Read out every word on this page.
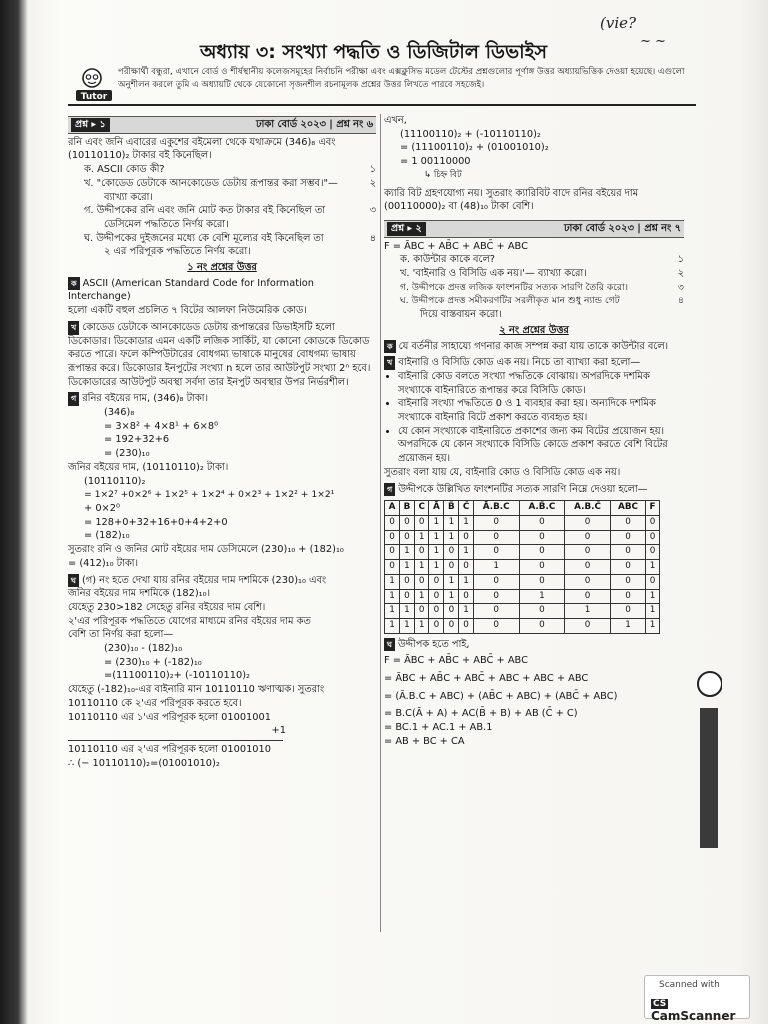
অধ্যায় ৩: সংখ্যা পদ্ধতি ও ডিজিটাল ডিভাইস
(vie?
~ ~
Tutor
পরীক্ষার্থী বন্ধুরা, এখানে বোর্ড ও শীর্ষস্থানীয় কলেজসমূহের নির্বাচনি পরীক্ষা এবং এক্সক্লুসিভ মডেল টেস্টের প্রশ্নগুলোর পূর্ণাঙ্গ উত্তর অধ্যায়ভিত্তিক দেওয়া হয়েছে। এগুলো অনুশীলন করলে তুমি এ অধ্যায়টি থেকে যেকোনো সৃজনশীল রচনামূলক প্রশ্নের উত্তর লিখতে পারবে সহজেই।
প্রশ্ন ▸ ১	ঢাকা বোর্ড ২০২৩ | প্রশ্ন নং ৬

রনি এবং জনি এবারের একুশের বইমেলা থেকে যথাক্রমে (346)₈ এবং

(10110110)₂ টাকার বই কিনেছিল।

ক. ASCII কোড কী?	১
খ. "কোডেড ডেটাকে আনকোডেড ডেটায় রূপান্তর করা সম্ভব।"—	২

ব্যাখ্যা করো।

গ. উদ্দীপকের রনি এবং জনি মোট কত টাকার বই কিনেছিল তা	৩

ডেসিমেল পদ্ধতিতে নির্ণয় করো।

ঘ. উদ্দীপকের দুইজনের মধ্যে কে বেশি মূল্যের বই কিনেছিল তা	৪

২ এর পরিপূরক পদ্ধতিতে নির্ণয় করো।

১ নং প্রশ্নের উত্তর

ক ASCII (American Standard Code for Information Interchange)

হলো একটি বহুল প্রচলিত ৭ বিটের আলফা নিউমেরিক কোড।

খ কোডেড ডেটাকে আনকোডেড ডেটায় রূপান্তরের ডিভাইসটি হলো ডিকোডার। ডিকোডার এমন একটি লজিক সার্কিট, যা কোনো কোডকে ডিকোড করতে পারে। ফলে কম্পিউটারের বোধগম্য ভাষাকে মানুষের বোধগম্য ভাষায় রূপান্তর করে। ডিকোডার ইনপুটের সংখ্যা n হলে তার আউটপুট সংখ্যা 2ⁿ হবে। ডিকোডারের আউটপুট অবস্থা সর্বদা তার ইনপুট অবস্থার উপর নির্ভরশীল।

গ রনির বইয়ের দাম, (346)₈ টাকা।

(346)₈

= 3×8² + 4×8¹ + 6×8⁰

= 192+32+6

= (230)₁₀

জনির বইয়ের দাম, (10110110)₂ টাকা।

(10110110)₂

= 1×2⁷ +0×2⁶ + 1×2⁵ + 1×2⁴ + 0×2³ + 1×2² + 1×2¹

+ 0×2⁰

= 128+0+32+16+0+4+2+0

= (182)₁₀

সুতরাং রনি ও জনির মোট বইয়ের দাম ডেসিমেলে (230)₁₀ + (182)₁₀

= (412)₁₀ টাকা।

ঘ (গ) নং হতে দেখা যায় রনির বইয়ের দাম দশমিকে (230)₁₀ এবং

জনির বইয়ের দাম দশমিকে (182)₁₀।

যেহেতু 230>182 সেহেতু রনির বইয়ের দাম বেশি।

২'এর পরিপূরক পদ্ধতিতে যোগের মাধ্যমে রনির বইয়ের দাম কত

বেশি তা নির্ণয় করা হলো—

(230)₁₀ - (182)₁₀

= (230)₁₀ + (-182)₁₀

=(11100110)₂+ (-10110110)₂

যেহেতু (-182)₁₀-এর বাইনারি মান 10110110 ঋণাত্মক। সুতরাং

10110110 কে ২'এর পরিপূরক করতে হবে।

10110110 এর ১'এর পরিপূরক হলো 01001001

+1

10110110 এর ২'এর পরিপূরক হলো 01001010

∴ (− 10110110)₂=(01001010)₂

এখন,

(11100110)₂ + (-10110110)₂

= (11100110)₂ + (01001010)₂

= 1 00110000

↳ চিহ্ন বিট

ক্যারি বিট গ্রহণযোগ্য নয়। সুতরাং ক্যারিবিট বাদে রনির বইয়ের দাম (00110000)₂ বা (48)₁₀ টাকা বেশি।

প্রশ্ন ▸ ২	ঢাকা বোর্ড ২০২৩ | প্রশ্ন নং ৭

F = ĀBC + AB̄C + ABC̄ + ABC

ক. কাউন্টার কাকে বলে?	১
খ. 'বাইনারি ও বিসিডি এক নয়।'— ব্যাখ্যা করো।	২
গ. উদ্দীপকে প্রদত্ত লজিক ফাংশনটির সত্যক সারণি তৈরি করো।	৩
ঘ. উদ্দীপকে প্রদত্ত সমীকরণটির সরলীকৃত মান শুধু ন্যান্ড গেট	৪

দিয়ে বাস্তবায়ন করো।

২ নং প্রশ্নের উত্তর

ক যে বর্তনীর সাহায্যে গণনার কাজ সম্পন্ন করা যায় তাকে কাউন্টার বলে।

খ বাইনারি ও বিসিডি কোড এক নয়। নিচে তা ব্যাখ্যা করা হলো—

• বাইনারি কোড বলতে সংখ্যা পদ্ধতিকে বোঝায়। অপরদিকে দশমিক সংখ্যাকে বাইনারিতে রূপান্তর করে বিসিডি কোড।
• বাইনারি সংখ্যা পদ্ধতিতে 0 ও 1 ব্যবহার করা হয়। অন্যদিকে দশমিক সংখ্যাকে বাইনারি বিটে প্রকাশ করতে ব্যবহৃত হয়।
• যে কোন সংখ্যাকে বাইনারিতে প্রকাশের জন্য কম বিটের প্রয়োজন হয়। অপরদিকে যে কোন সংখ্যাকে বিসিডি কোডে প্রকাশ করতে বেশি বিটের প্রয়োজন হয়।

সুতরাং বলা যায় যে, বাইনারি কোড ও বিসিডি কোড এক নয়।

গ উদ্দীপকে উল্লিখিত ফাংশনটির সত্যক সারণি নিম্নে দেওয়া হলো—

A	B	C	Ā	B̄	C̄	Ā.B.C	A.B̄.C	A.B.C̄	ABC	F
0	0	0	1	1	1	0	0	0	0	0
0	0	1	1	1	0	0	0	0	0	0
0	1	0	1	0	1	0	0	0	0	0
0	1	1	1	0	0	1	0	0	0	1
1	0	0	0	1	1	0	0	0	0	0
1	0	1	0	1	0	0	1	0	0	1
1	1	0	0	0	1	0	0	1	0	1
1	1	1	0	0	0	0	0	0	1	1

ঘ উদ্দীপক হতে পাই,

F = ĀBC + AB̄C + ABC̄ + ABC

= ĀBC + AB̄C + ABC̄ + ABC + ABC + ABC

= (Ā.B.C + ABC) + (AB̄C + ABC) + (ABC̄ + ABC)

= B.C(Ā + A) + AC(B̄ + B) + AB (C̄ + C)

= BC.1 + AC.1 + AB.1

= AB + BC + CA

Scanned with
CSCamScanner
